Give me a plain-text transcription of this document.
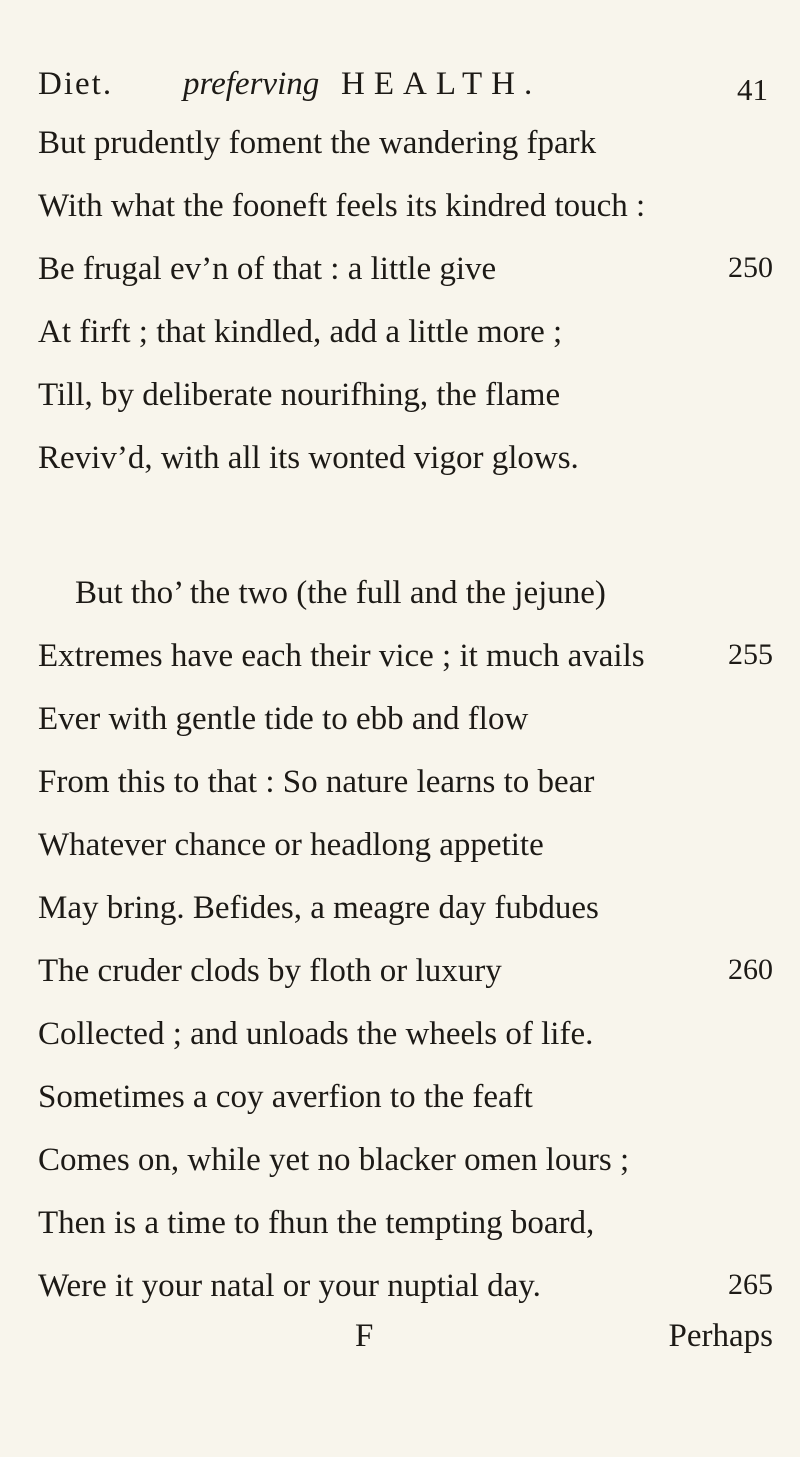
Diet. preferving HEALTH.	41
But prudently foment the wandering fpark
With what the fooneft feels its kindred touch :
Be frugal ev’n of that : a little give	250
At firft ; that kindled, add a little more ;
Till, by deliberate nourifhing, the flame
Reviv’d, with all its wonted vigor glows.
But tho’ the two (the full and the jejune)
Extremes have each their vice ; it much avails	255
Ever with gentle tide to ebb and flow
From this to that : So nature learns to bear
Whatever chance or headlong appetite
May bring. Befides, a meagre day fubdues
The cruder clods by floth or luxury	260
Collected ; and unloads the wheels of life.
Sometimes a coy averfion to the feaft
Comes on, while yet no blacker omen lours ;
Then is a time to fhun the tempting board,
Were it your natal or your nuptial day.	265
F	Perhaps
